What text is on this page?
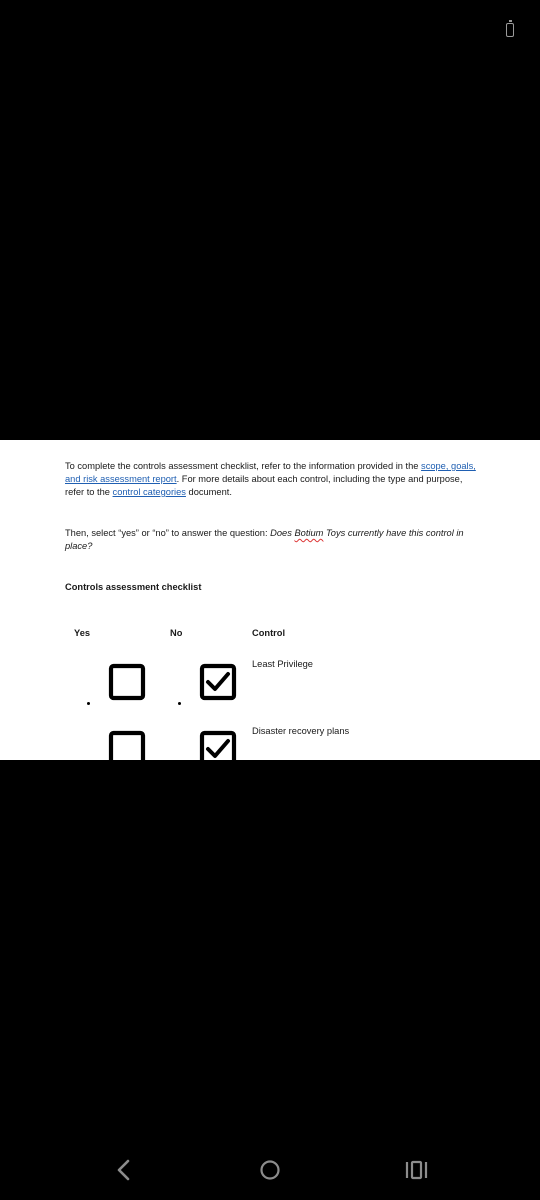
To complete the controls assessment checklist, refer to the information provided in the scope, goals, and risk assessment report. For more details about each control, including the type and purpose, refer to the control categories document.
Then, select “yes” or “no” to answer the question: Does Botium Toys currently have this control in place?
Controls assessment checklist
Yes	No	Control
Least Privilege
Disaster recovery plans
